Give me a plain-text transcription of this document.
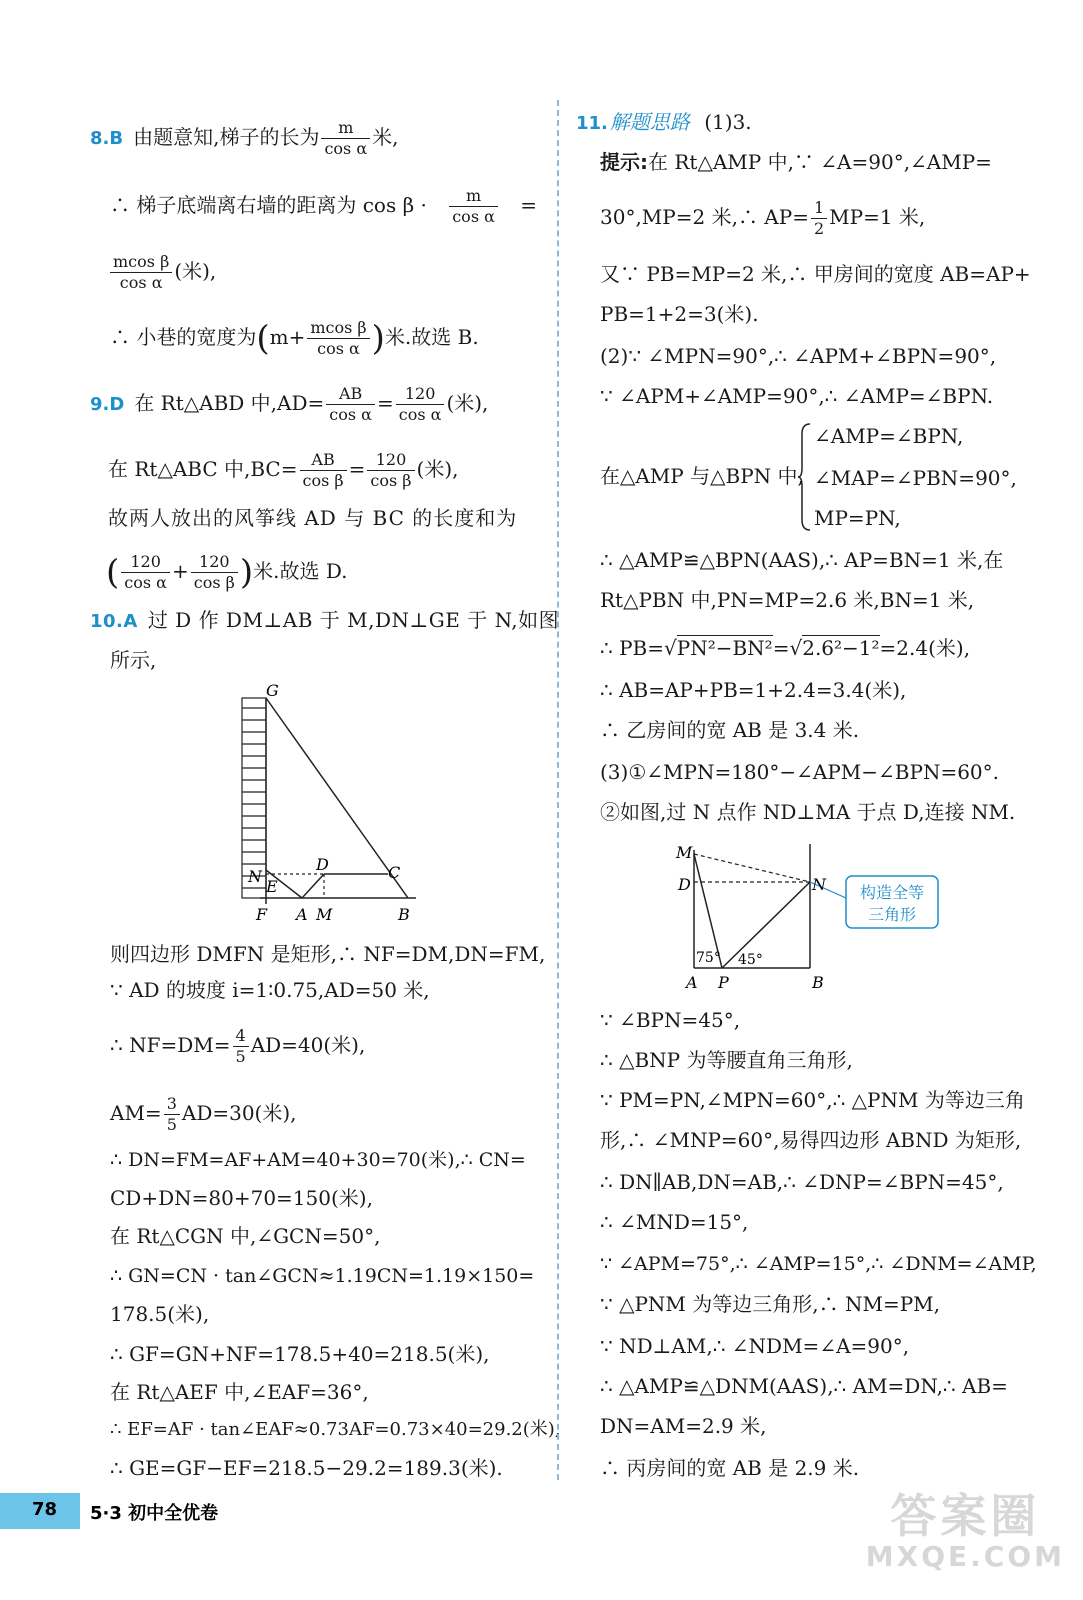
8.B 由题意知,梯子的长为 $\frac{m}{\text{cos α}}$ 米,
∴ 梯子底端离右墙的距离为 $\cos \beta \cdot \frac{m}{\text{cos α}}$ =
$\frac{\text{mcos β}}{\text{cos α}}$ (米),
∴ 小巷的宽度为($m+ \frac{\text{mcos β}}{\text{cos α}}$ )米.故选 B.
9.D 在 Rt△ABD 中$,AD= \frac{AB}{\text{cos α}} = \frac{120}{\text{cos α}}$ (米),
在 Rt△ABC 中$,BC= \frac{AB}{\text{cos β}} = \frac{120}{\text{cos β}}$ (米),
故两人放出的风筝线 AD 与 BC 的长度和为
( $\frac{120}{\text{cos α}} + \frac{120}{\text{cos β}}$ )米.故选 D.
10.A 过 D 作 DM⊥AB 于 M,DN⊥GE 于 N,如图
所示,
G
N
E
F A M	B
D	C
则四边形 DMFN 是矩形,∴ NF=DM,DN=FM,
∵ AD 的坡度 i=1∶0.75,AD=50 米,
∴ $NF=DM= \frac{4}{5} AD=40$(米),
$AM= \frac{3}{5} AD=30$(米),
∴ DN=FM=AF+AM=40+30=70(米),∴ CN=
CD+DN=80+70=150(米),
在 Rt△CGN 中,∠GCN=50°,
∴ GN=CN · tan∠GCN≈1.19CN=1.19×150=
178.5(米),
∴ GF=GN+NF=178.5+40=218.5(米),
在 Rt△AEF 中,∠EAF=36°,
∴ EF=AF · tan∠EAF≈0.73AF=0.73×40=29.2(米),
∴ GE=GF−EF=218.5−29.2=189.3(米).
11. 解题思路 (1)3.
提示:在 Rt△AMP 中,∵ ∠A=90°,∠AMP=
30°,MP=2 米,∴ $AP= \frac{1}{2} MP=1$ 米,
又∵ PB=MP=2 米,∴ 甲房间的宽度 AB=AP+
PB=1+2=3(米).
(2)∵ ∠MPN=90°,∴ ∠APM+∠BPN=90°,
∵ ∠APM+∠AMP=90°,∴ ∠AMP=∠BPN.
在△AMP 与△BPN 中,
∠AMP=∠BPN,
∠MAP=∠PBN=90°,
MP=PN,
∴ △AMP≌△BPN(AAS),∴ AP=BN=1 米,在
Rt△PBN 中,PN=MP=2.6 米,BN=1 米,
∴ PB=√PN²−BN²=√2.6²−1²=2.4(米),
∴ AB=AP+PB=1+2.4=3.4(米),
∴ 乙房间的宽 AB 是 3.4 米.
(3)①∠MPN=180°−∠APM−∠BPN=60°.
②如图,过 N 点作 ND⊥MA 于点 D,连接 NM.
构造全等
三角形
M
D	N
A P	B
75° 45°
∵ ∠BPN=45°,
∴ △BNP 为等腰直角三角形,
∵ PM=PN,∠MPN=60°,∴ △PNM 为等边三角
形,∴ ∠MNP=60°,易得四边形 ABND 为矩形,
∴ DN∥AB,DN=AB,∴ ∠DNP=∠BPN=45°,
∴ ∠MND=15°,
∵ ∠APM=75°,∴ ∠AMP=15°,∴ ∠DNM=∠AMP,
∵ △PNM 为等边三角形,∴ NM=PM,
∵ ND⊥AM,∴ ∠NDM=∠A=90°,
∴ △AMP≌△DNM(AAS),∴ AM=DN,∴ AB=
DN=AM=2.9 米,
∴ 丙房间的宽 AB 是 2.9 米.
78 5·3 初中全优卷	答案圈
MXQE.COM
